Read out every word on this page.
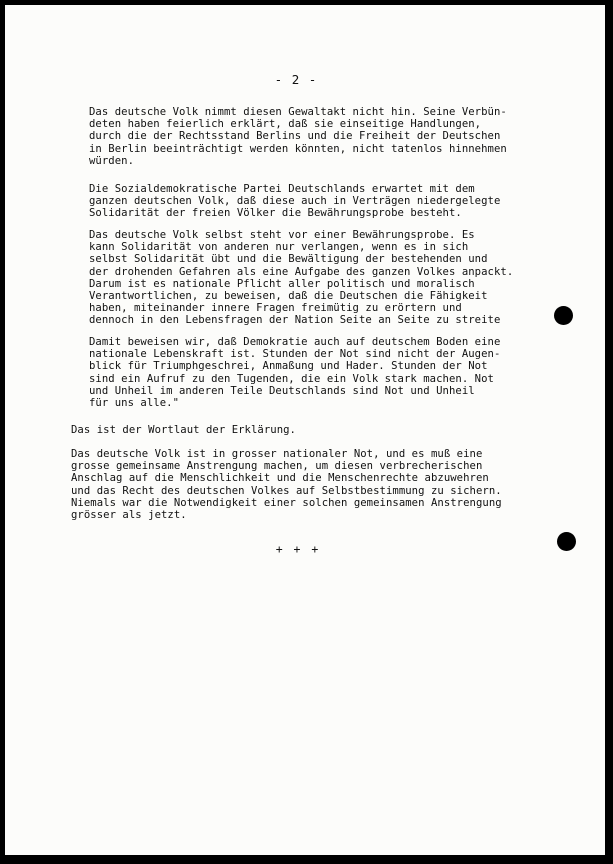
- 2 -
Das deutsche Volk nimmt diesen Gewaltakt nicht hin. Seine Verbün-
deten haben feierlich erklärt, daß sie einseitige Handlungen,
durch die der Rechtsstand Berlins und die Freiheit der Deutschen
in Berlin beeinträchtigt werden könnten, nicht tatenlos hinnehmen
würden.
Die Sozialdemokratische Partei Deutschlands erwartet mit dem
ganzen deutschen Volk, daß diese auch in Verträgen niedergelegte
Solidarität der freien Völker die Bewährungsprobe besteht.
Das deutsche Volk selbst steht vor einer Bewährungsprobe. Es
kann Solidarität von anderen nur verlangen, wenn es in sich
selbst Solidarität übt und die Bewältigung der bestehenden und
der drohenden Gefahren als eine Aufgabe des ganzen Volkes anpackt.
Darum ist es nationale Pflicht aller politisch und moralisch
Verantwortlichen, zu beweisen, daß die Deutschen die Fähigkeit
haben, miteinander innere Fragen freimütig zu erörtern und
dennoch in den Lebensfragen der Nation Seite an Seite zu streite
Damit beweisen wir, daß Demokratie auch auf deutschem Boden eine
nationale Lebenskraft ist. Stunden der Not sind nicht der Augen-
blick für Triumphgeschrei, Anmaßung und Hader. Stunden der Not
sind ein Aufruf zu den Tugenden, die ein Volk stark machen. Not
und Unheil im anderen Teile Deutschlands sind Not und Unheil
für uns alle."
Das ist der Wortlaut der Erklärung.
Das deutsche Volk ist in grosser nationaler Not, und es muß eine
grosse gemeinsame Anstrengung machen, um diesen verbrecherischen
Anschlag auf die Menschlichkeit und die Menschenrechte abzuwehren
und das Recht des deutschen Volkes auf Selbstbestimmung zu sichern.
Niemals war die Notwendigkeit einer solchen gemeinsamen Anstrengung
grösser als jetzt.
+ + +
